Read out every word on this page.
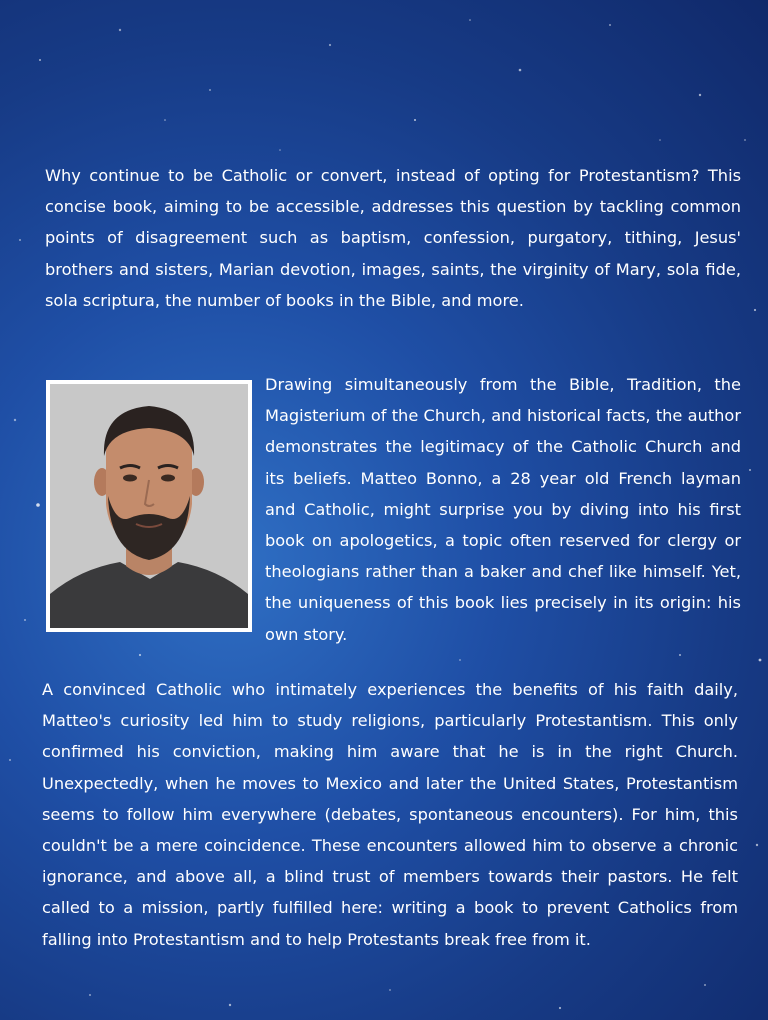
Why continue to be Catholic or convert, instead of opting for Protestantism? This concise book, aiming to be accessible, addresses this question by tackling common points of disagreement such as baptism, confession, purgatory, tithing, Jesus' brothers and sisters, Marian devotion, images, saints, the virginity of Mary, sola fide, sola scriptura, the number of books in the Bible, and more.

Drawing simultaneously from the Bible, Tradition, the Magisterium of the Church, and historical facts, the author demonstrates the legitimacy of the Catholic Church and its beliefs. Matteo Bonno, a 28 year old French layman and Catholic, might surprise you by diving into his first book on apologetics, a topic often reserved for clergy or theologians rather than a baker and chef like himself. Yet, the uniqueness of this book lies precisely in its origin: his own story.

A convinced Catholic who intimately experiences the benefits of his faith daily, Matteo's curiosity led him to study religions, particularly Protestantism. This only confirmed his conviction, making him aware that he is in the right Church. Unexpectedly, when he moves to Mexico and later the United States, Protestantism seems to follow him everywhere (debates, spontaneous encounters). For him, this couldn't be a mere coincidence. These encounters allowed him to observe a chronic ignorance, and above all, a blind trust of members towards their pastors. He felt called to a mission, partly fulfilled here: writing a book to prevent Catholics from falling into Protestantism and to help Protestants break free from it.
